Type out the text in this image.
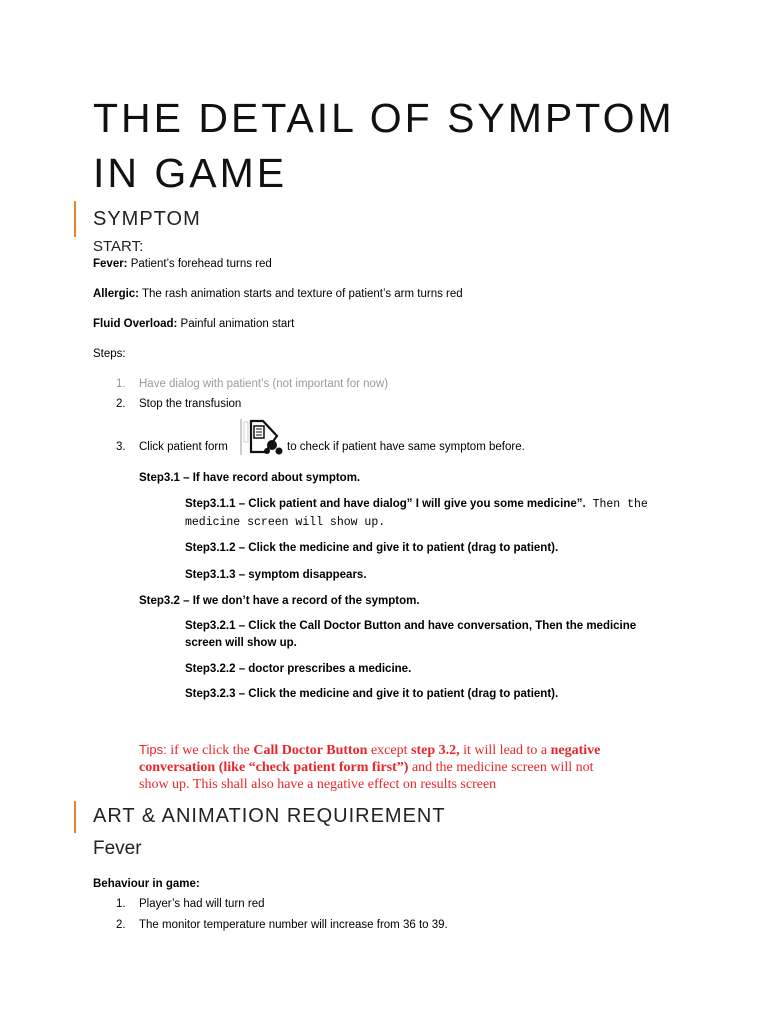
THE DETAIL OF SYMPTOM
IN GAME
SYMPTOM
START:
Fever: Patient’s forehead turns red
Allergic: The rash animation starts and texture of patient’s arm turns red
Fluid Overload: Painful animation start
Steps:
1. Have dialog with patient’s (not important for now)
2. Stop the transfusion
3. Click patient form	to check if patient have same symptom before.
Step3.1 – If have record about symptom.
Step3.1.1 – Click patient and have dialog” I will give you some medicine”. Then the
medicine screen will show up.
Step3.1.2 – Click the medicine and give it to patient (drag to patient).
Step3.1.3 – symptom disappears.
Step3.2 – If we don’t have a record of the symptom.
Step3.2.1 – Click the Call Doctor Button and have conversation, Then the medicine
screen will show up.
Step3.2.2 – doctor prescribes a medicine.
Step3.2.3 – Click the medicine and give it to patient (drag to patient).
Tips: if we click the Call Doctor Button except step 3.2, it will lead to a negative
conversation (like “check patient form first”) and the medicine screen will not
show up. This shall also have a negative effect on results screen
ART & ANIMATION REQUIREMENT
Fever
Behaviour in game:
1. Player’s had will turn red
2. The monitor temperature number will increase from 36 to 39.
